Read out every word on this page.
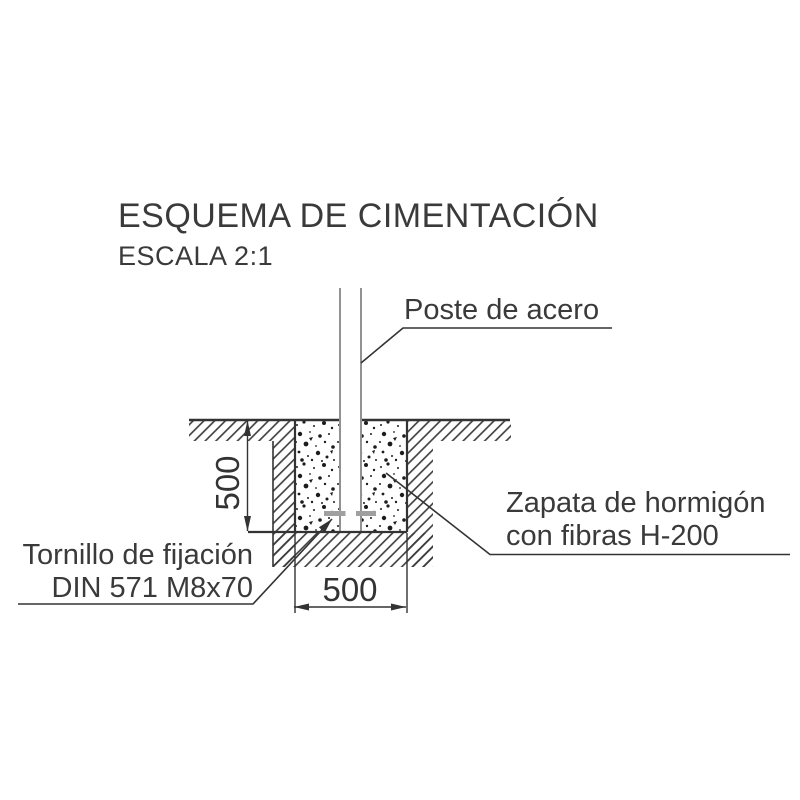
ESQUEMA DE CIMENTACIÓN
ESCALA 2:1
Poste de acero
Zapata de hormigón
con fibras H-200
Tornillo de fijación
DIN 571 M8x70	500
500
